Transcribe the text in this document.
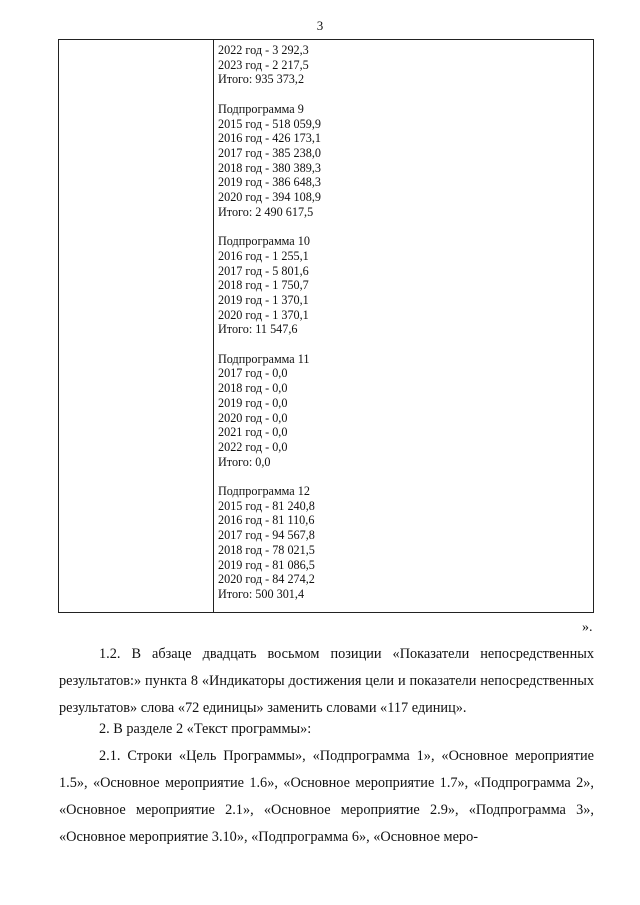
3
2022 год - 3 292,3
2023 год - 2 217,5
Итого: 935 373,2
Подпрограмма 9
2015 год - 518 059,9
2016 год - 426 173,1
2017 год - 385 238,0
2018 год - 380 389,3
2019 год - 386 648,3
2020 год - 394 108,9
Итого: 2 490 617,5
Подпрограмма 10
2016 год - 1 255,1
2017 год - 5 801,6
2018 год - 1 750,7
2019 год - 1 370,1
2020 год - 1 370,1
Итого: 11 547,6
Подпрограмма 11
2017 год - 0,0
2018 год - 0,0
2019 год - 0,0
2020 год - 0,0
2021 год - 0,0
2022 год - 0,0
Итого: 0,0
Подпрограмма 12
2015 год - 81 240,8
2016 год - 81 110,6
2017 год - 94 567,8
2018 год - 78 021,5
2019 год - 81 086,5
2020 год - 84 274,2
Итого: 500 301,4
».
1.2. В абзаце двадцать восьмом позиции «Показатели непосредственных результатов:» пункта 8 «Индикаторы достижения цели и показатели непосредственных результатов» слова «72 единицы» заменить словами «117 единиц».
2. В разделе 2 «Текст программы»:
2.1. Строки «Цель Программы», «Подпрограмма 1», «Основное мероприятие 1.5», «Основное мероприятие 1.6», «Основное мероприятие 1.7», «Подпрограмма 2», «Основное мероприятие 2.1», «Основное мероприятие 2.9», «Подпрограмма 3», «Основное мероприятие 3.10», «Подпрограмма 6», «Основное меро-
